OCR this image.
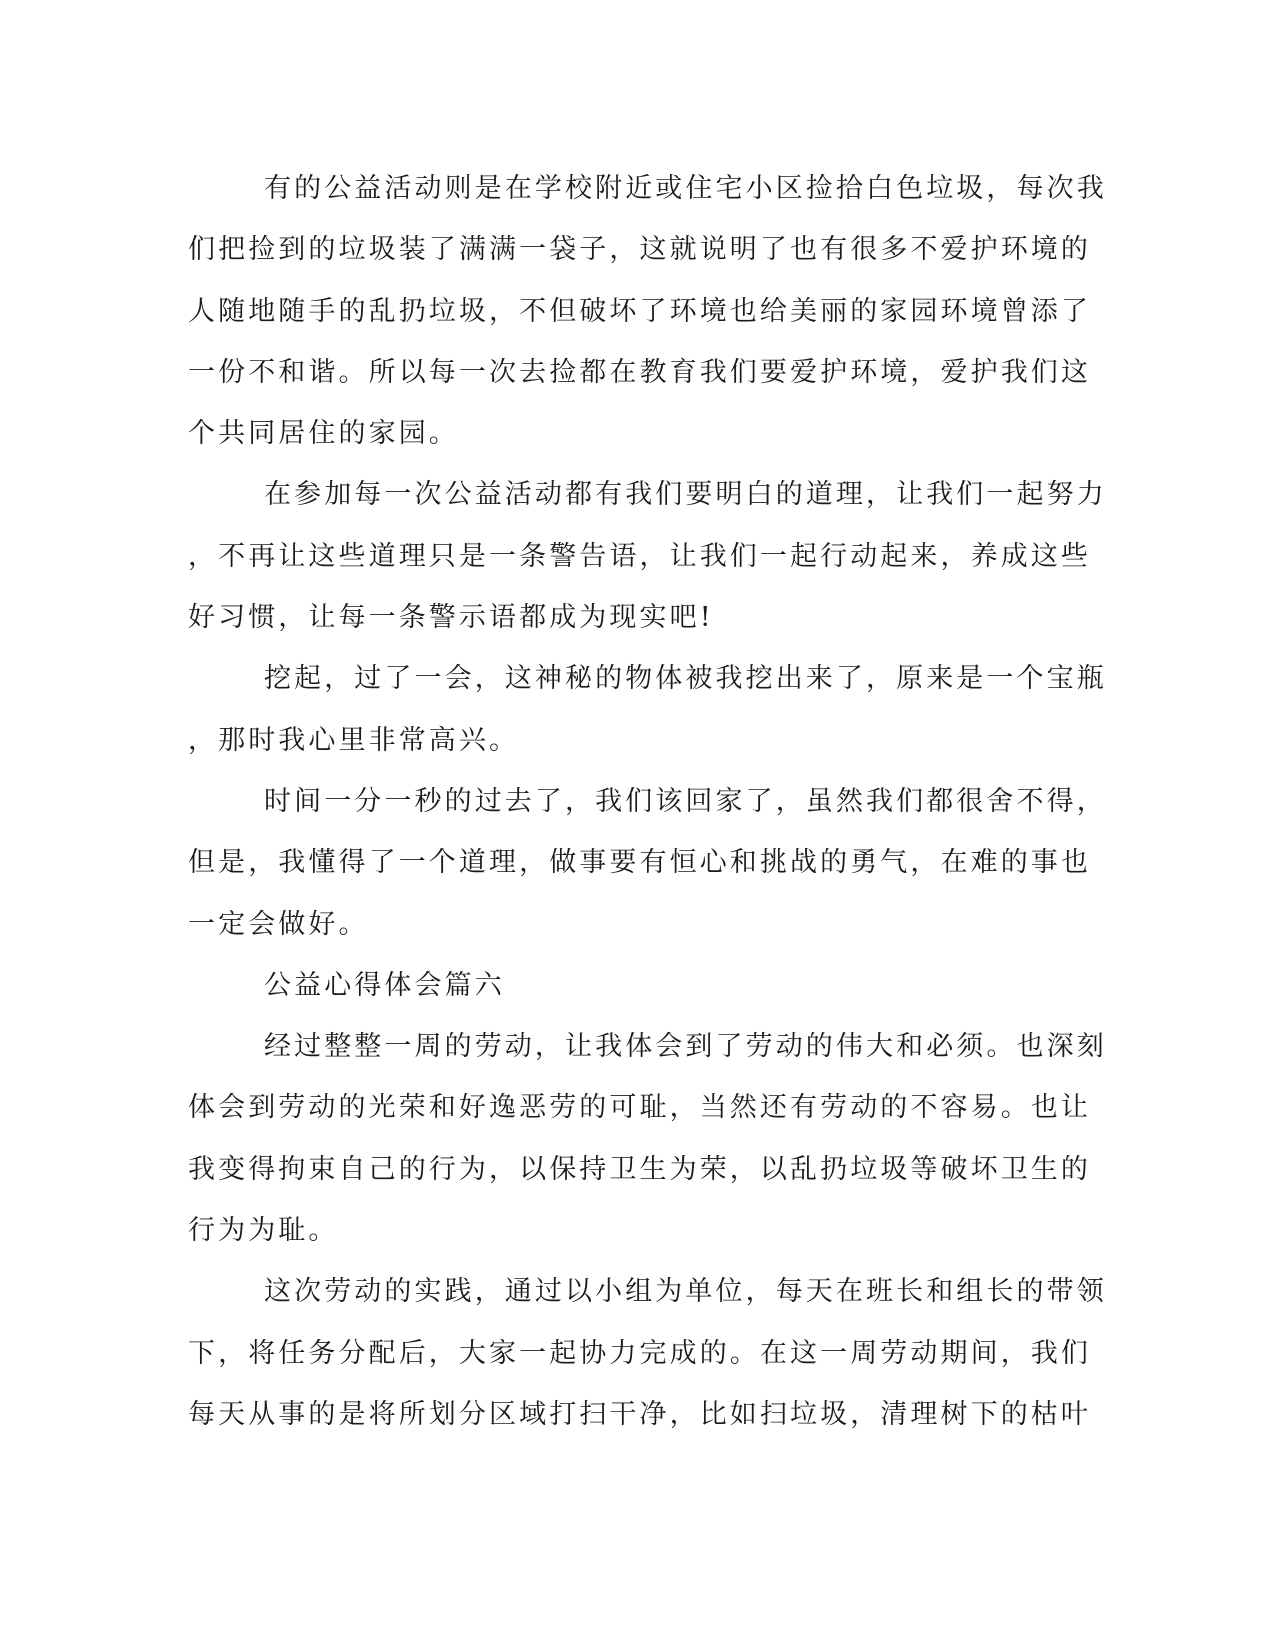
有的公益活动则是在学校附近或住宅小区捡拾白色垃圾，每次我
们把捡到的垃圾装了满满一袋子，这就说明了也有很多不爱护环境的
人随地随手的乱扔垃圾，不但破坏了环境也给美丽的家园环境曾添了
一份不和谐。所以每一次去捡都在教育我们要爱护环境，爱护我们这
个共同居住的家园。
在参加每一次公益活动都有我们要明白的道理，让我们一起努力
，不再让这些道理只是一条警告语，让我们一起行动起来，养成这些
好习惯，让每一条警示语都成为现实吧!
挖起，过了一会，这神秘的物体被我挖出来了，原来是一个宝瓶
，那时我心里非常高兴。
时间一分一秒的过去了，我们该回家了，虽然我们都很舍不得，
但是，我懂得了一个道理，做事要有恒心和挑战的勇气，在难的事也
一定会做好。
公益心得体会篇六
经过整整一周的劳动，让我体会到了劳动的伟大和必须。也深刻
体会到劳动的光荣和好逸恶劳的可耻，当然还有劳动的不容易。也让
我变得拘束自己的行为，以保持卫生为荣，以乱扔垃圾等破坏卫生的
行为为耻。
这次劳动的实践，通过以小组为单位，每天在班长和组长的带领
下，将任务分配后，大家一起协力完成的。在这一周劳动期间，我们
每天从事的是将所划分区域打扫干净，比如扫垃圾，清理树下的枯叶
